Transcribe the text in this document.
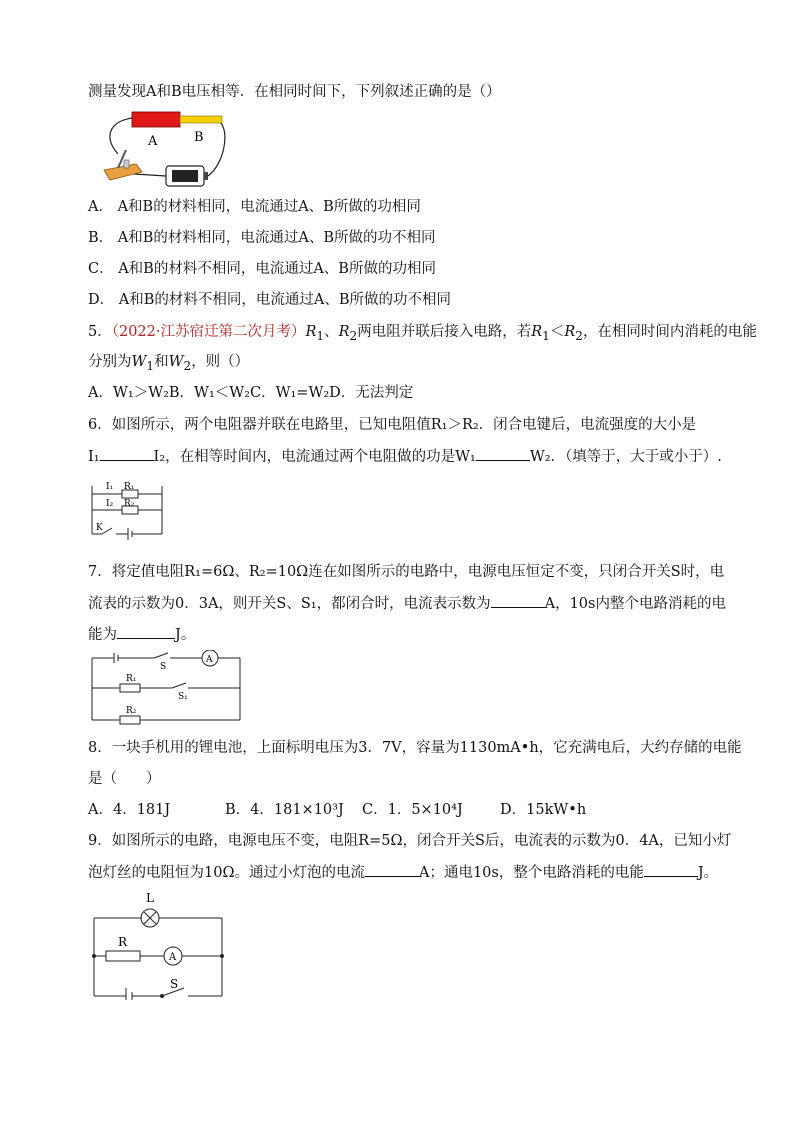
测量发现A和B电压相等．在相同时间下，下列叙述正确的是（）
A	B
A． A和B的材料相同，电流通过A、B所做的功相同
B． A和B的材料相同，电流通过A、B所做的功不相同
C． A和B的材料不相同，电流通过A、B所做的功相同
D． A和B的材料不相同，电流通过A、B所做的功不相同
5．（2022·江苏宿迁第二次月考）$R_1$、$R_2$两电阻并联后接入电路，若$R_1<R_2$，在相同时间内消耗的电能
分别为$W_1$和$W_2$，则（）
A．W₁＞W₂B．W₁＜W₂C．W₁=W₂D．无法判定
6．如图所示，两个电阻器并联在电路里，已知电阻值R₁＞R₂．闭合电键后，电流强度的大小是
I₁	I₂，在相等时间内，电流通过两个电阻做的功是W₁	W₂．（填等于，大于或小于）.
I₁ R₁
I₂ R₂
K
7．将定值电阻R₁=6Ω、R₂=10Ω连在如图所示的电路中，电源电压恒定不变，只闭合开关S时，电
流表的示数为0．3A，则开关S、S₁，都闭合时，电流表示数为	A，10s内整个电路消耗的电
能为	J。
S
A
R₁
S₁
R₂
8．一块手机用的锂电池，上面标明电压为3．7V，容量为1130mA•h，它充满电后，大约存储的电能
是（　　）
A．4．181J	B．4．181×10³J C．1．5×10⁴J	D．15kW•h
9．如图所示的电路，电源电压不变，电阻R=5Ω，闭合开关S后，电流表的示数为0．4A，已知小灯
泡灯丝的电阻恒为10Ω。通过小灯泡的电流	A；通电10s，整个电路消耗的电能	J。
L
R
A
S
